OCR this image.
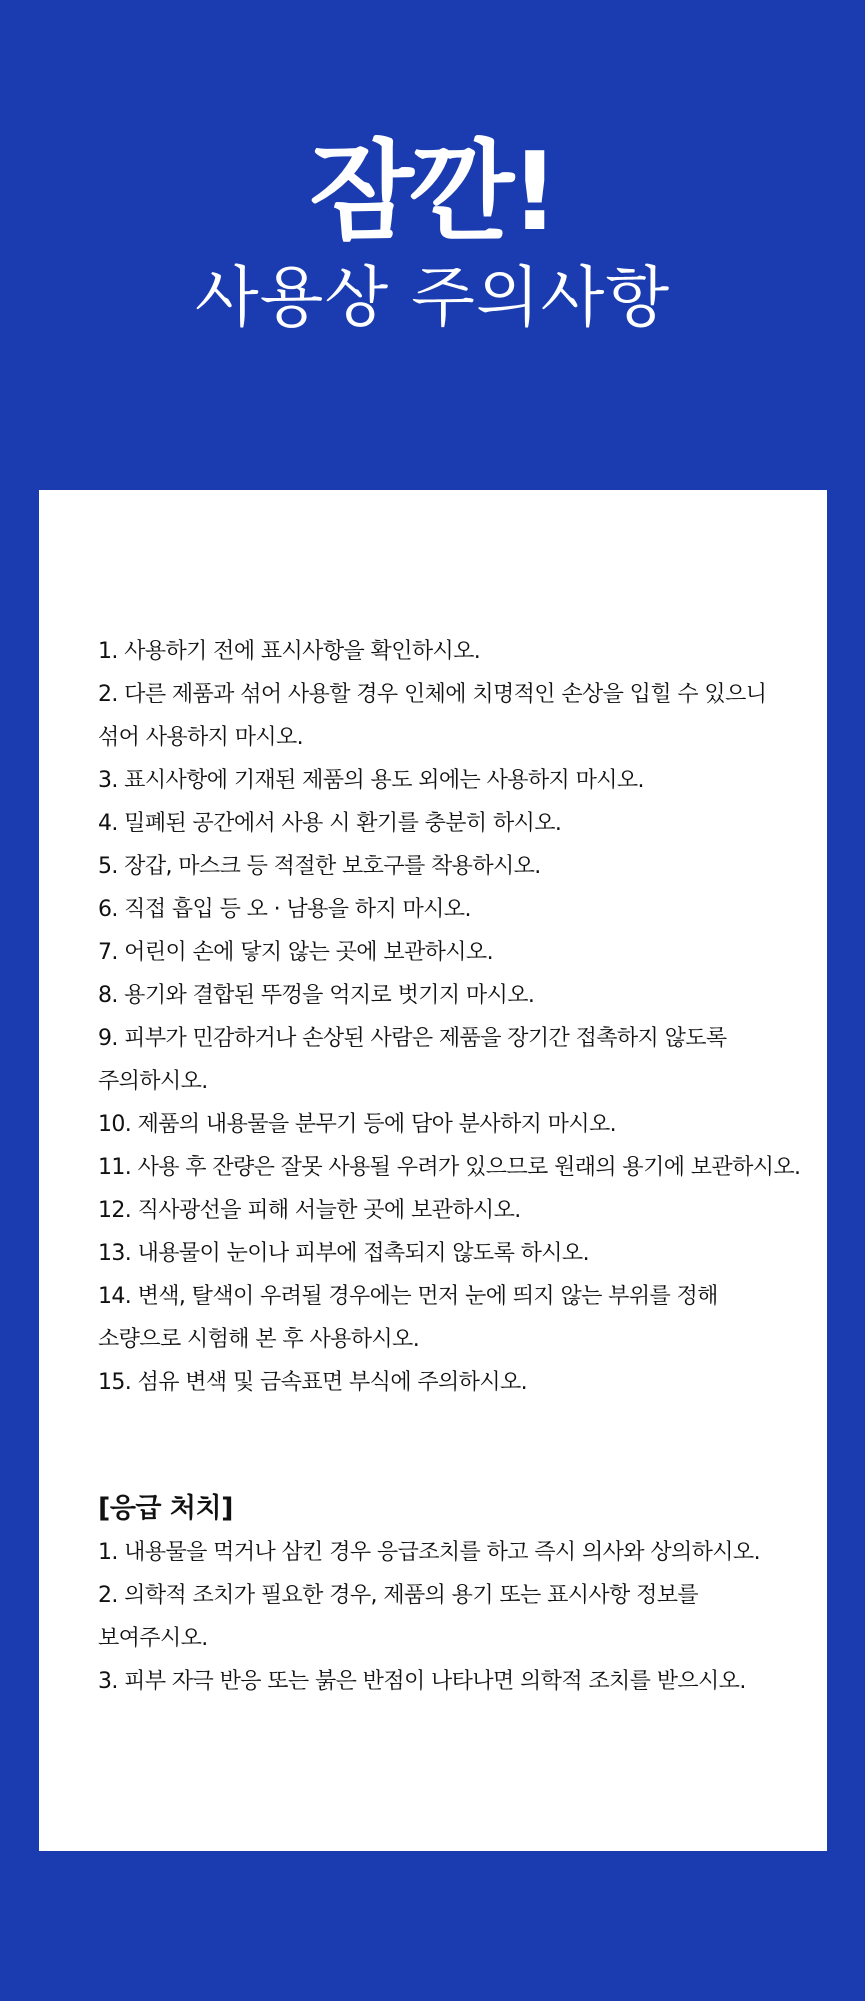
잠깐!
사용상 주의사항
1. 사용하기 전에 표시사항을 확인하시오.
2. 다른 제품과 섞어 사용할 경우 인체에 치명적인 손상을 입힐 수 있으니
섞어 사용하지 마시오.
3. 표시사항에 기재된 제품의 용도 외에는 사용하지 마시오.
4. 밀폐된 공간에서 사용 시 환기를 충분히 하시오.
5. 장갑, 마스크 등 적절한 보호구를 착용하시오.
6. 직접 흡입 등 오 · 남용을 하지 마시오.
7. 어린이 손에 닿지 않는 곳에 보관하시오.
8. 용기와 결합된 뚜껑을 억지로 벗기지 마시오.
9. 피부가 민감하거나 손상된 사람은 제품을 장기간 접촉하지 않도록
주의하시오.
10. 제품의 내용물을 분무기 등에 담아 분사하지 마시오.
11. 사용 후 잔량은 잘못 사용될 우려가 있으므로 원래의 용기에 보관하시오.
12. 직사광선을 피해 서늘한 곳에 보관하시오.
13. 내용물이 눈이나 피부에 접촉되지 않도록 하시오.
14. 변색, 탈색이 우려될 경우에는 먼저 눈에 띄지 않는 부위를 정해
소량으로 시험해 본 후 사용하시오.
15. 섬유 변색 및 금속표면 부식에 주의하시오.
[응급 처치]
1. 내용물을 먹거나 삼킨 경우 응급조치를 하고 즉시 의사와 상의하시오.
2. 의학적 조치가 필요한 경우, 제품의 용기 또는 표시사항 정보를
보여주시오.
3. 피부 자극 반응 또는 붉은 반점이 나타나면 의학적 조치를 받으시오.
